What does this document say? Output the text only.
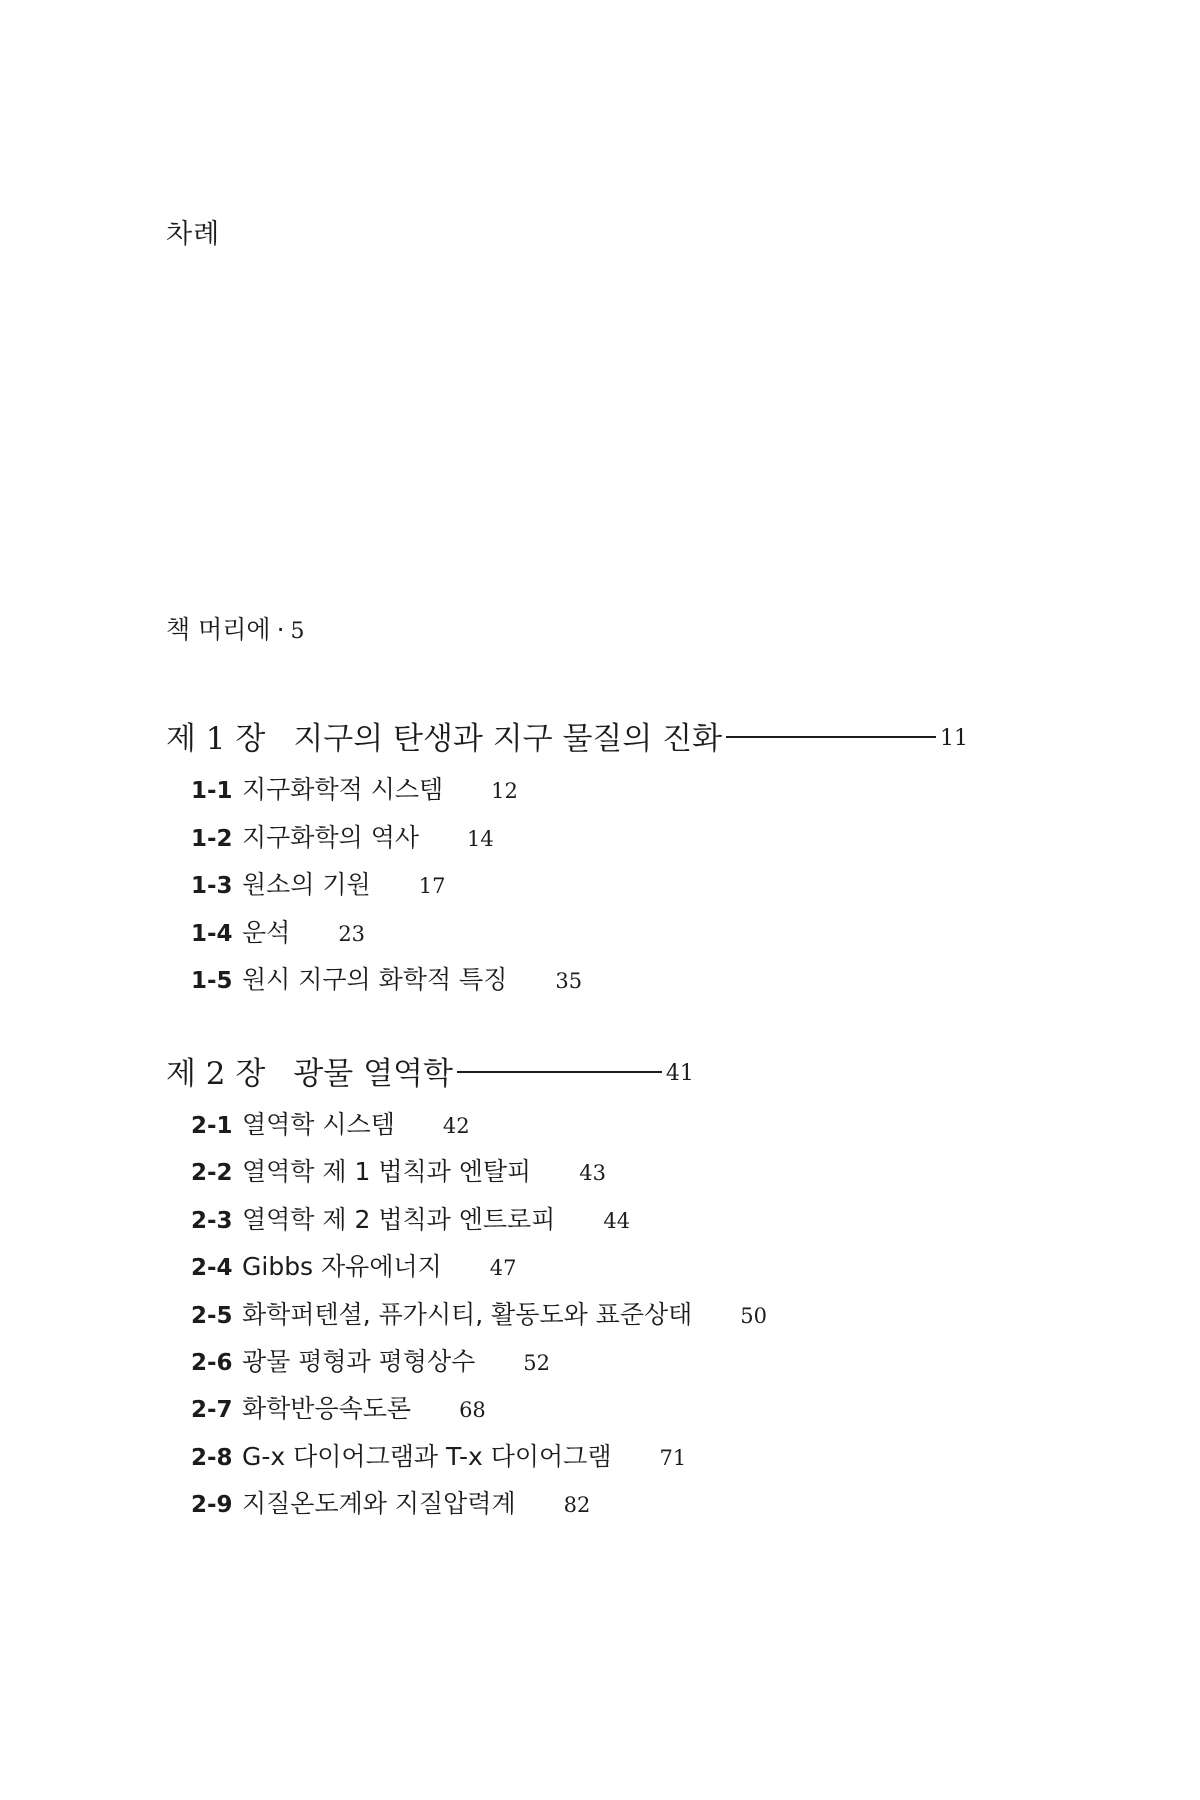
차례
책 머리에 · 5
제 1 장 지구의 탄생과 지구 물질의 진화	11
1-1 지구화학적 시스템 12
1-2 지구화학의 역사 14
1-3 원소의 기원 17
1-4 운석 23
1-5 원시 지구의 화학적 특징 35
제 2 장 광물 열역학	41
2-1 열역학 시스템 42
2-2 열역학 제 1 법칙과 엔탈피 43
2-3 열역학 제 2 법칙과 엔트로피 44
2-4 Gibbs 자유에너지 47
2-5 화학퍼텐셜, 퓨가시티, 활동도와 표준상태 50
2-6 광물 평형과 평형상수 52
2-7 화학반응속도론 68
2-8 G-x 다이어그램과 T-x 다이어그램 71
2-9 지질온도계와 지질압력계 82
